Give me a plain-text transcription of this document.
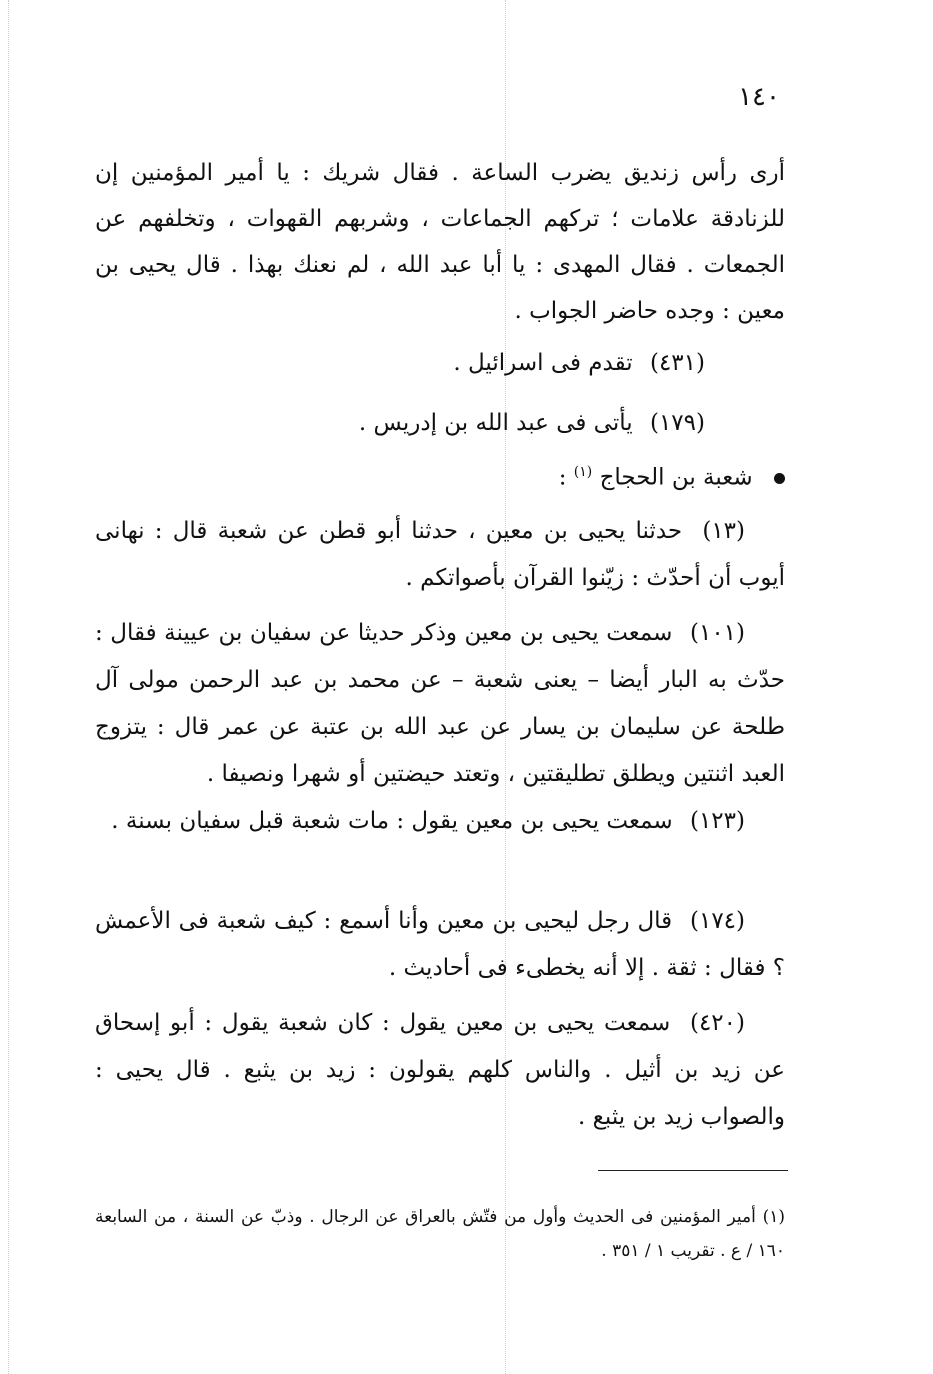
١٤٠
أرى رأس زنديق يضرب الساعة . فقال شريك : يا أمير المؤمنين إن للزنادقة علامات ؛ تركهم الجماعات ، وشربهم القهوات ، وتخلفهم عن الجمعات . فقال المهدى : يا أبا عبد الله ، لم نعنك بهذا . قال يحيى بن معين : وجده حاضر الجواب .
(٤٣١) تقدم فى اسرائيل .
(١٧٩) يأتى فى عبد الله بن إدريس .
شعبة بن الحجاج $^{(١)}$ :
(١٣) حدثنا يحيى بن معين ، حدثنا أبو قطن عن شعبة قال : نهانى أيوب أن أحدّث : زيّنوا القرآن بأصواتكم .
(١٠١) سمعت يحيى بن معين وذكر حديثا عن سفيان بن عيينة فقال : حدّث به البار أيضا – يعنى شعبة – عن محمد بن عبد الرحمن مولى آل طلحة عن سليمان بن يسار عن عبد الله بن عتبة عن عمر قال : يتزوج العبد اثنتين ويطلق تطليقتين ، وتعتد حيضتين أو شهرا ونصيفا .
(١٢٣) سمعت يحيى بن معين يقول : مات شعبة قبل سفيان بسنة .
(١٧٤) قال رجل ليحيى بن معين وأنا أسمع : كيف شعبة فى الأعمش ؟ فقال : ثقة . إلا أنه يخطىء فى أحاديث .
(٤٢٠) سمعت يحيى بن معين يقول : كان شعبة يقول : أبو إسحاق عن زيد بن أثيل . والناس كلهم يقولون : زيد بن يثبع . قال يحيى : والصواب زيد بن يثبع .
(١) أمير المؤمنين فى الحديث وأول من فتّش بالعراق عن الرجال . وذبّ عن السنة ، من السابعة ١٦٠ / ع . تقريب ١ / ٣٥١ .
